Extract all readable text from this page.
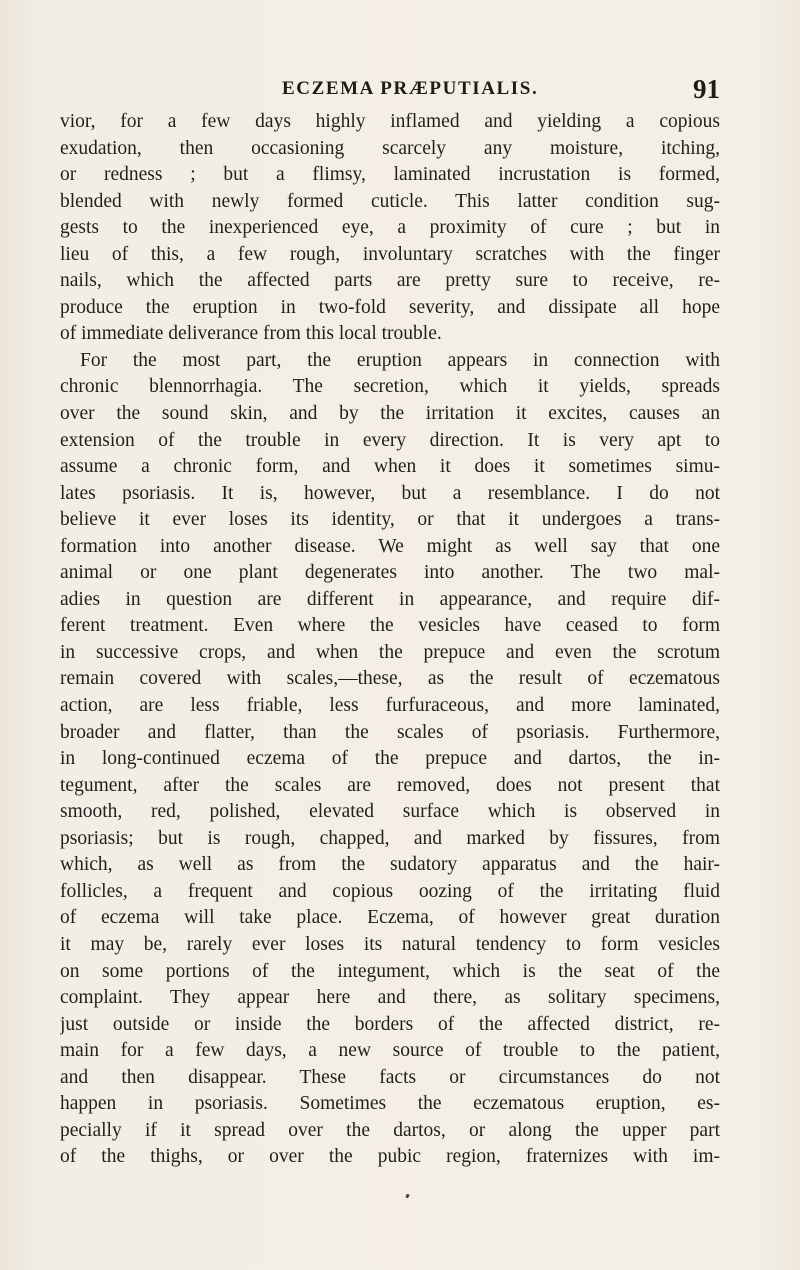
ECZEMA PRÆPUTIALIS.	91
vior, for a few days highly inflamed and yielding a copious
exudation, then occasioning scarcely any moisture, itching,
or redness ; but a flimsy, laminated incrustation is formed,
blended with newly formed cuticle. This latter condition sug-
gests to the inexperienced eye, a proximity of cure ; but in
lieu of this, a few rough, involuntary scratches with the finger
nails, which the affected parts are pretty sure to receive, re-
produce the eruption in two-fold severity, and dissipate all hope
of immediate deliverance from this local trouble.
For the most part, the eruption appears in connection with
chronic blennorrhagia. The secretion, which it yields, spreads
over the sound skin, and by the irritation it excites, causes an
extension of the trouble in every direction. It is very apt to
assume a chronic form, and when it does it sometimes simu-
lates psoriasis. It is, however, but a resemblance. I do not
believe it ever loses its identity, or that it undergoes a trans-
formation into another disease. We might as well say that one
animal or one plant degenerates into another. The two mal-
adies in question are different in appearance, and require dif-
ferent treatment. Even where the vesicles have ceased to form
in successive crops, and when the prepuce and even the scrotum
remain covered with scales,—these, as the result of eczematous
action, are less friable, less furfuraceous, and more laminated,
broader and flatter, than the scales of psoriasis. Furthermore,
in long-continued eczema of the prepuce and dartos, the in-
tegument, after the scales are removed, does not present that
smooth, red, polished, elevated surface which is observed in
psoriasis; but is rough, chapped, and marked by fissures, from
which, as well as from the sudatory apparatus and the hair-
follicles, a frequent and copious oozing of the irritating fluid
of eczema will take place. Eczema, of however great duration
it may be, rarely ever loses its natural tendency to form vesicles
on some portions of the integument, which is the seat of the
complaint. They appear here and there, as solitary specimens,
just outside or inside the borders of the affected district, re-
main for a few days, a new source of trouble to the patient,
and then disappear. These facts or circumstances do not
happen in psoriasis. Sometimes the eczematous eruption, es-
pecially if it spread over the dartos, or along the upper part
of the thighs, or over the pubic region, fraternizes with im-
